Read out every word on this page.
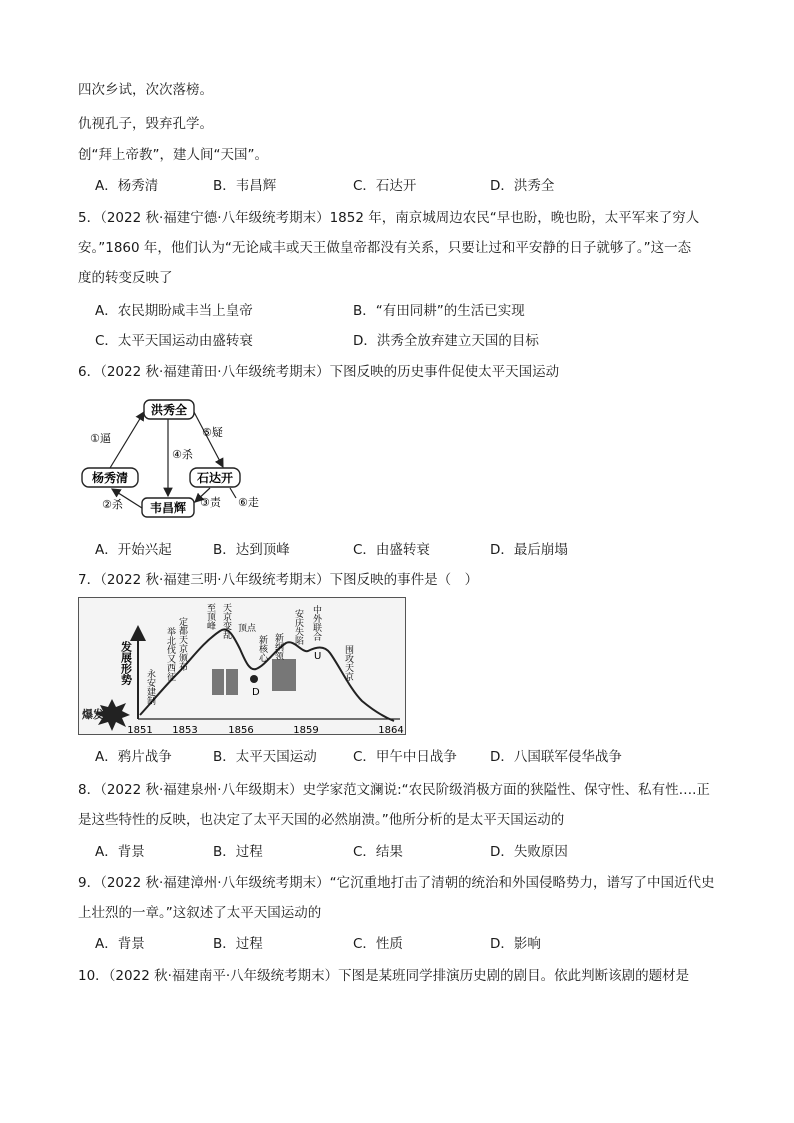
四次乡试，次次落榜。
仇视孔子，毁弃孔学。
创“拜上帝教”，建人间“天国”。
A．杨秀清	B．韦昌辉	C．石达开	D．洪秀全

5．（2022 秋·福建宁德·八年级统考期末）1852 年，南京城周边农民“早也盼，晚也盼，太平军来了穷人

安。”1860 年，他们认为“无论咸丰或天王做皇帝都没有关系，只要让过和平安静的日子就够了。”这一态

度的转变反映了

A．农民期盼咸丰当上皇帝	B．“有田同耕”的生活已实现
C．太平天国运动由盛转衰	D．洪秀全放弃建立天国的目标
6．（2022 秋·福建莆田·八年级统考期末）下图反映的历史事件促使太平天国运动
洪秀全
杨秀清	石达开
韦昌辉
①逼
②杀	③责
④杀
⑤疑
⑥走
A．开始兴起	B．达到顶峰	C．由盛转衰	D．最后崩塌
7．（2022 秋·福建三明·八年级统考期末）下图反映的事件是（　）
发展形势
爆发
1851 1853	1856	1859	1864
D
U
永安建制
定都天京颁布
举北伐又西征
至顶峰 天京变乱 顶点
新核心 新纲领
安庆失陷 中外联合
围攻天京
A．鸦片战争	B．太平天国运动	C．甲午中日战争 D．八国联军侵华战争

8．（2022 秋·福建泉州·八年级期末）史学家范文澜说:“农民阶级消极方面的狭隘性、保守性、私有性….正

是这些特性的反映，也决定了太平天国的必然崩溃。”他所分析的是太平天国运动的

A．背景	B．过程	C．结果	D．失败原因

9．（2022 秋·福建漳州·八年级统考期末）“它沉重地打击了清朝的统治和外国侵略势力，谱写了中国近代史

上壮烈的一章。”这叙述了太平天国运动的

A．背景	B．过程	C．性质	D．影响
10．（2022 秋·福建南平·八年级统考期末）下图是某班同学排演历史剧的剧目。依此判断该剧的题材是
